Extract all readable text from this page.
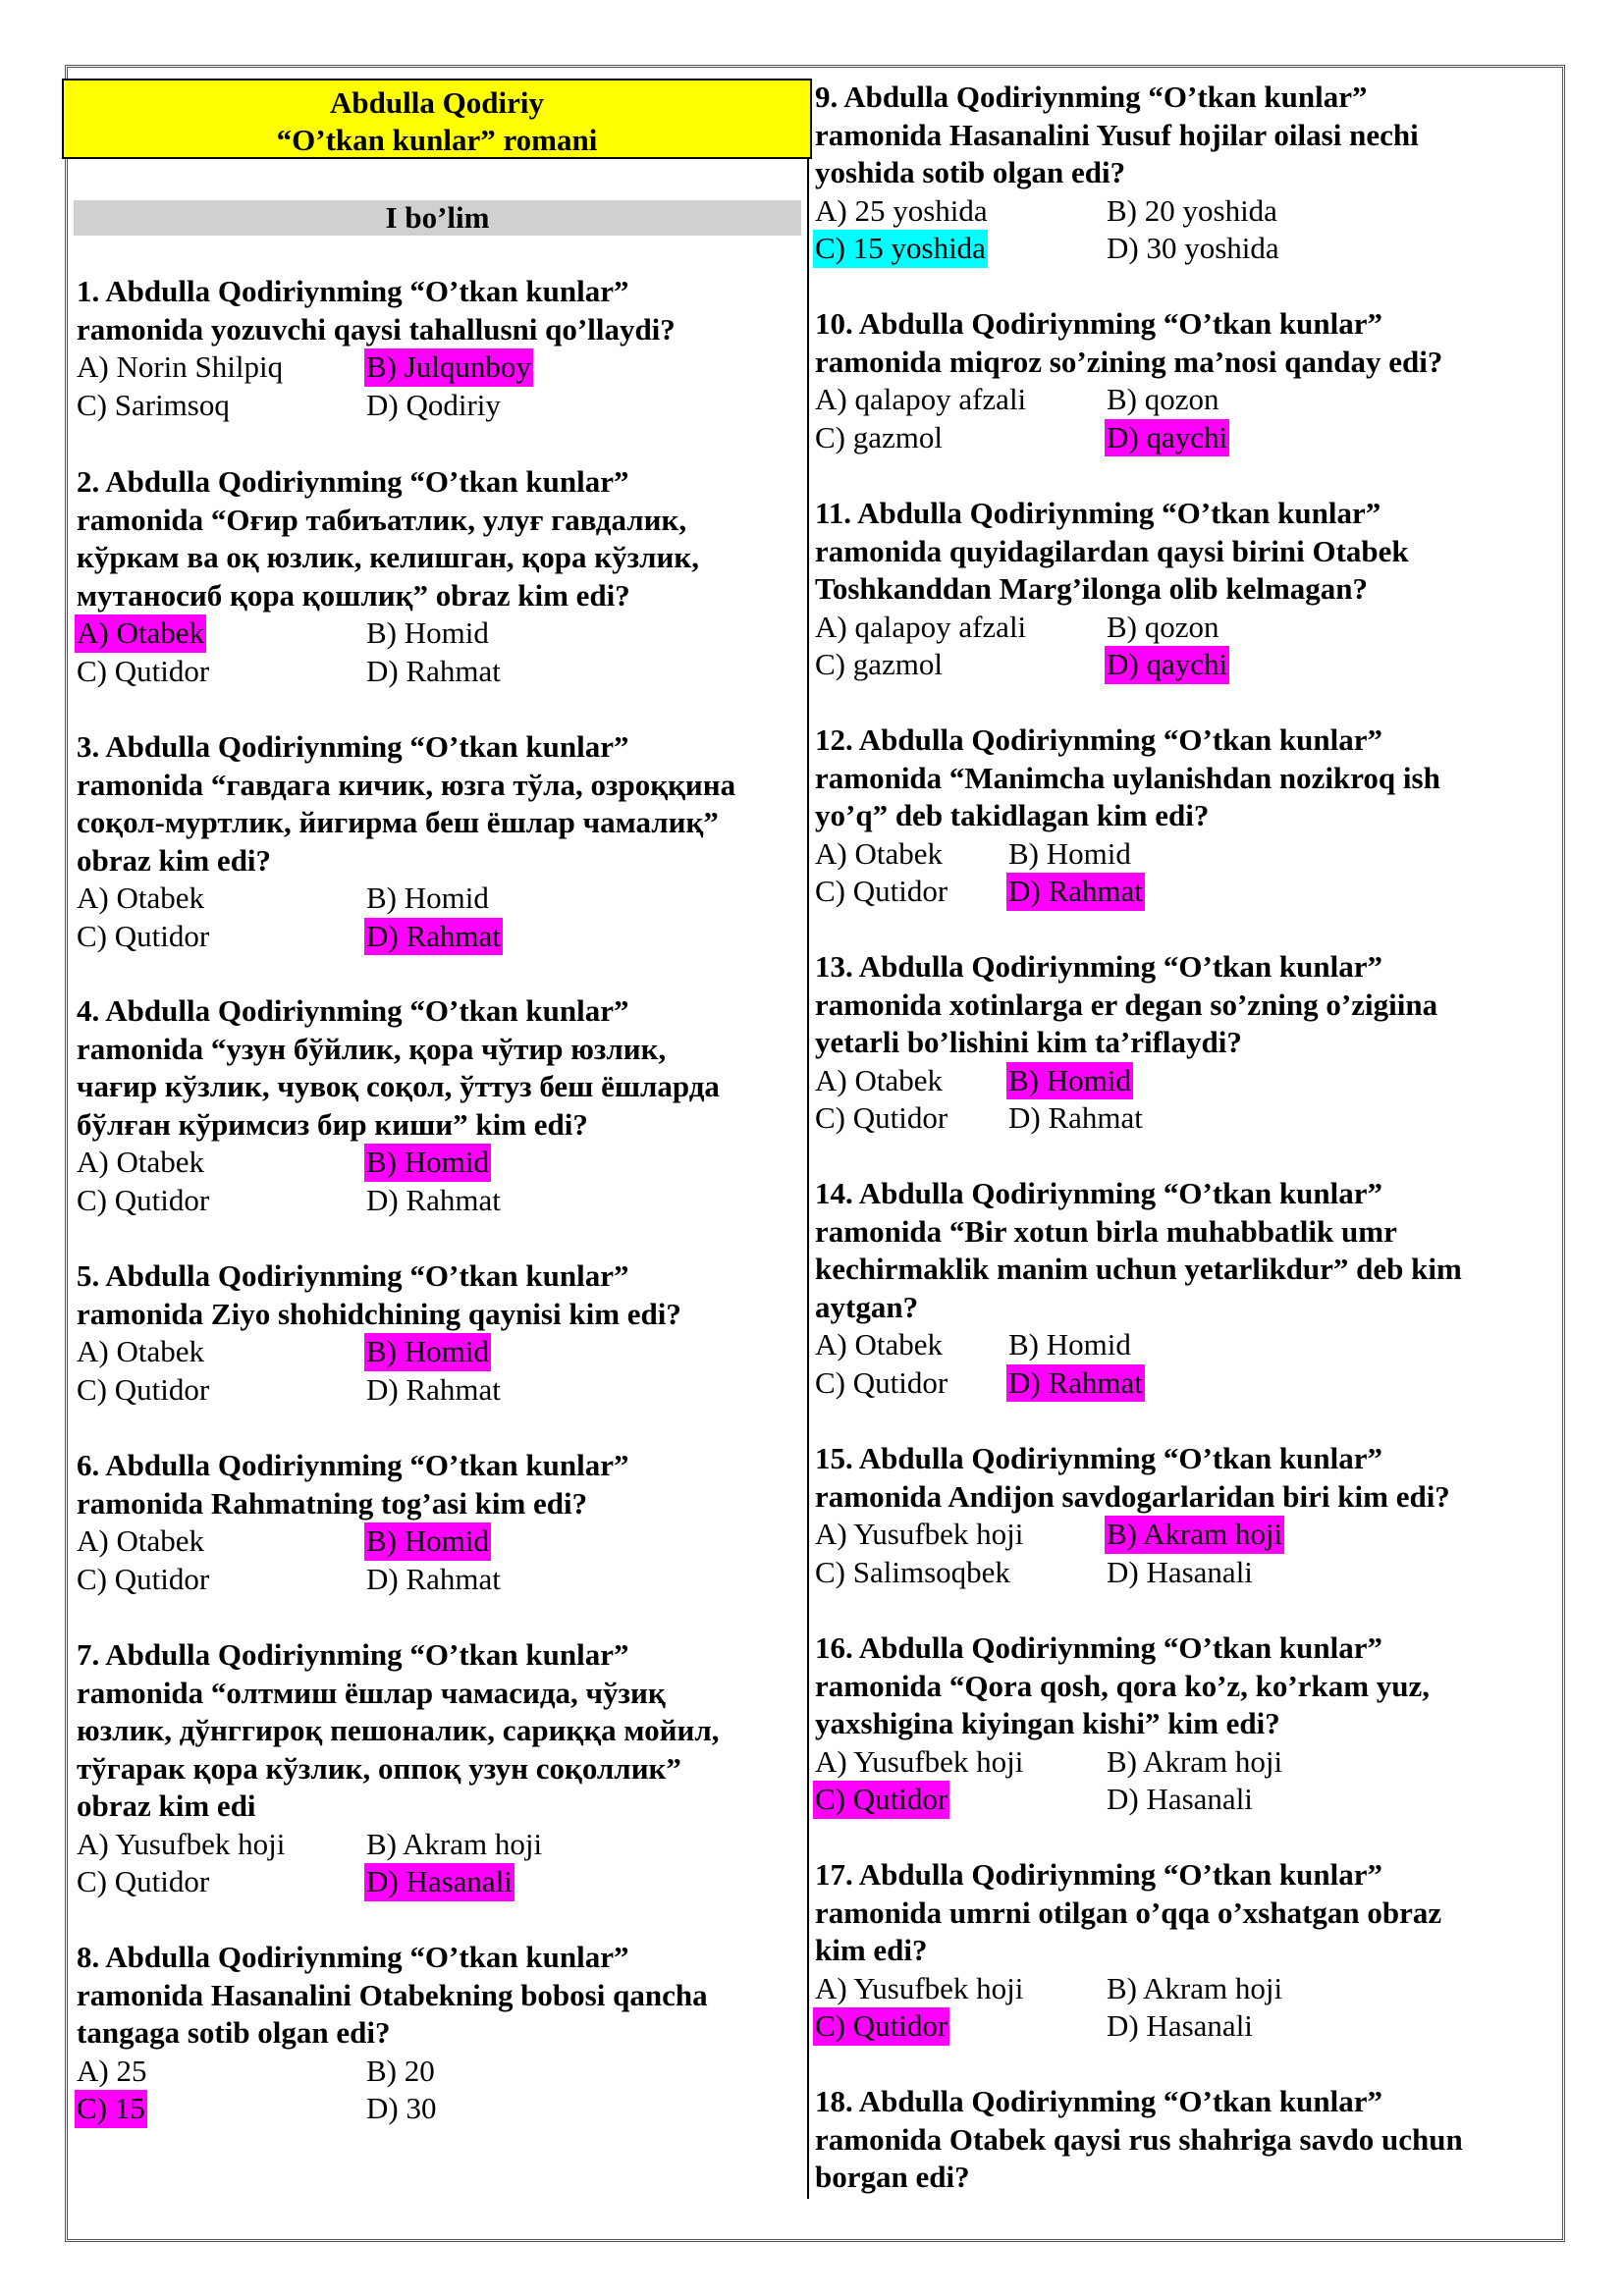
Abdulla Qodiriy
“O’tkan kunlar” romani
I bo’lim

1. Abdulla Qodiriynming “O’tkan kunlar”
ramonida yozuvchi qaysi tahallusni qo’llaydi?

A) Norin Shilpiq	B) Julqunboy
C) Sarimsoq	D) Qodiriy

2. Abdulla Qodiriynming “O’tkan kunlar”
ramonida “Оғир табиъатлик, улуғ гавдалик,
кўркам ва оқ юзлик, келишган, қора кўзлик,
мутаносиб қора қошлиқ” obraz kim edi?

A) Otabek	B) Homid
C) Qutidor	D) Rahmat

3. Abdulla Qodiriynming “O’tkan kunlar”
ramonida “гавдага кичик, юзга тўла, озроққина
соқол-муртлик, йигирма беш ёшлар чамалиқ”
obraz kim edi?

A) Otabek	B) Homid
C) Qutidor	D) Rahmat

4. Abdulla Qodiriynming “O’tkan kunlar”
ramonida “узун бўйлик, қора чўтир юзлик,
чағир кўзлик, чувоқ соқол, ўттуз беш ёшларда
бўлған кўримсиз бир киши” kim edi?

A) Otabek	B) Homid
C) Qutidor	D) Rahmat

5. Abdulla Qodiriynming “O’tkan kunlar”
ramonida Ziyo shohidchining qaynisi kim edi?

A) Otabek	B) Homid
C) Qutidor	D) Rahmat

6. Abdulla Qodiriynming “O’tkan kunlar”
ramonida Rahmatning tog’asi kim edi?

A) Otabek	B) Homid
C) Qutidor	D) Rahmat

7. Abdulla Qodiriynming “O’tkan kunlar”
ramonida “олтмиш ёшлар чамасида, чўзиқ
юзлик, дўнггироқ пешоналик, сариққа мойил,
тўгарак қора кўзлик, оппоқ узун соқоллик”
obraz kim edi

A) Yusufbek hoji	B) Akram hoji
C) Qutidor	D) Hasanali

8. Abdulla Qodiriynming “O’tkan kunlar”
ramonida Hasanalini Otabekning bobosi qancha
tangaga sotib olgan edi?

A) 25	B) 20
C) 15	D) 30

9. Abdulla Qodiriynming “O’tkan kunlar”
ramonida Hasanalini Yusuf hojilar oilasi nechi
yoshida sotib olgan edi?

A) 25 yoshida	B) 20 yoshida
C) 15 yoshida	D) 30 yoshida

10. Abdulla Qodiriynming “O’tkan kunlar”
ramonida miqroz so’zining ma’nosi qanday edi?

A) qalapoy afzali	B) qozon
C) gazmol	D) qaychi

11. Abdulla Qodiriynming “O’tkan kunlar”
ramonida quyidagilardan qaysi birini Otabek
Toshkanddan Marg’ilonga olib kelmagan?

A) qalapoy afzali	B) qozon
C) gazmol	D) qaychi

12. Abdulla Qodiriynming “O’tkan kunlar”
ramonida “Manimcha uylanishdan nozikroq ish
yo’q” deb takidlagan kim edi?

A) Otabek B) Homid
C) Qutidor D) Rahmat

13. Abdulla Qodiriynming “O’tkan kunlar”
ramonida xotinlarga er degan so’zning o’zigiina
yetarli bo’lishini kim ta’riflaydi?

A) Otabek B) Homid
C) Qutidor D) Rahmat

14. Abdulla Qodiriynming “O’tkan kunlar”
ramonida “Bir xotun birla muhabbatlik umr
kechirmaklik manim uchun yetarlikdur” deb kim
aytgan?

A) Otabek B) Homid
C) Qutidor D) Rahmat

15. Abdulla Qodiriynming “O’tkan kunlar”
ramonida Andijon savdogarlaridan biri kim edi?

A) Yusufbek hoji	B) Akram hoji
C) Salimsoqbek	D) Hasanali

16. Abdulla Qodiriynming “O’tkan kunlar”
ramonida “Qora qosh, qora ko’z, ko’rkam yuz,
yaxshigina kiyingan kishi” kim edi?

A) Yusufbek hoji	B) Akram hoji
C) Qutidor	D) Hasanali

17. Abdulla Qodiriynming “O’tkan kunlar”
ramonida umrni otilgan o’qqa o’xshatgan obraz
kim edi?

A) Yusufbek hoji	B) Akram hoji
C) Qutidor	D) Hasanali

18. Abdulla Qodiriynming “O’tkan kunlar”
ramonida Otabek qaysi rus shahriga savdo uchun
borgan edi?
